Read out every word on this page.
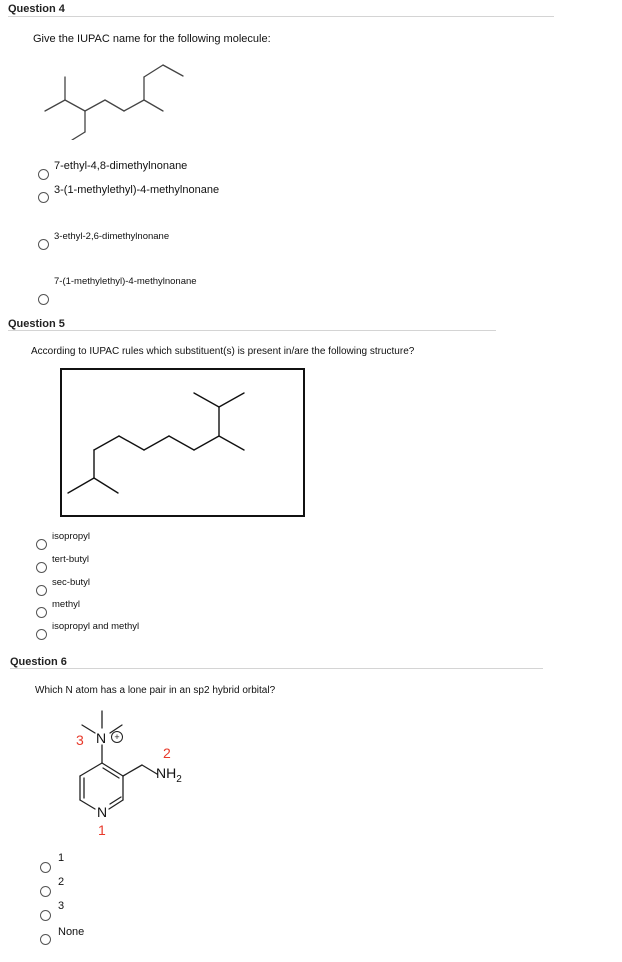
Question 4
Give the IUPAC name for the following molecule:
7-ethyl-4,8-dimethylnonane
3-(1-methylethyl)-4-methylnonane
3-ethyl-2,6-dimethylnonane
7-(1-methylethyl)-4-methylnonane
Question 5
According to IUPAC rules which substituent(s) is present in/are the following structure?
isopropyl
tert-butyl
sec-butyl
methyl
isopropyl and methyl
Question 6
Which N atom has a lone pair in an sp2 hybrid orbital?
N +
3
2
$NH_2$
N
1
1
2
3
None
